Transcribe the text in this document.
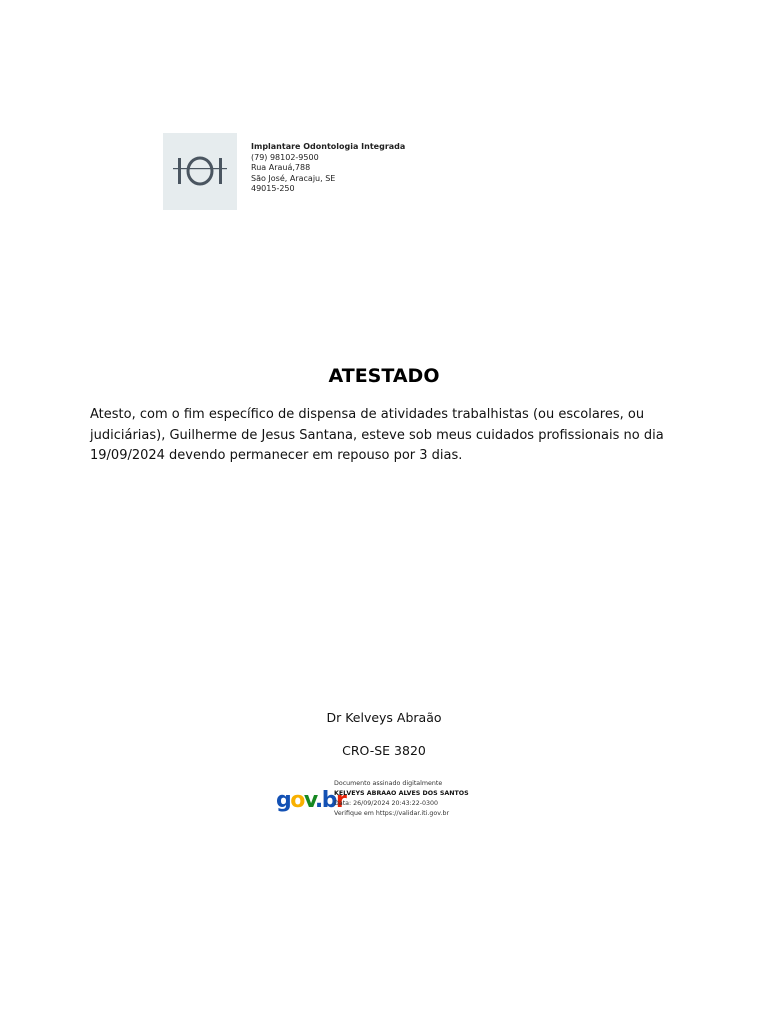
Implantare Odontologia Integrada
(79) 98102-9500
Rua Arauá,788
São José, Aracaju, SE
49015-250
ATESTADO
Atesto, com o fim específico de dispensa de atividades trabalhistas (ou escolares, ou judiciárias), Guilherme de Jesus Santana, esteve sob meus cuidados profissionais no dia 19/09/2024 devendo permanecer em repouso por 3 dias.
Dr Kelveys Abraão
CRO-SE 3820
gov.br
Documento assinado digitalmente
KELVEYS ABRAAO ALVES DOS SANTOS
Data: 26/09/2024 20:43:22-0300
Verifique em https://validar.iti.gov.br
